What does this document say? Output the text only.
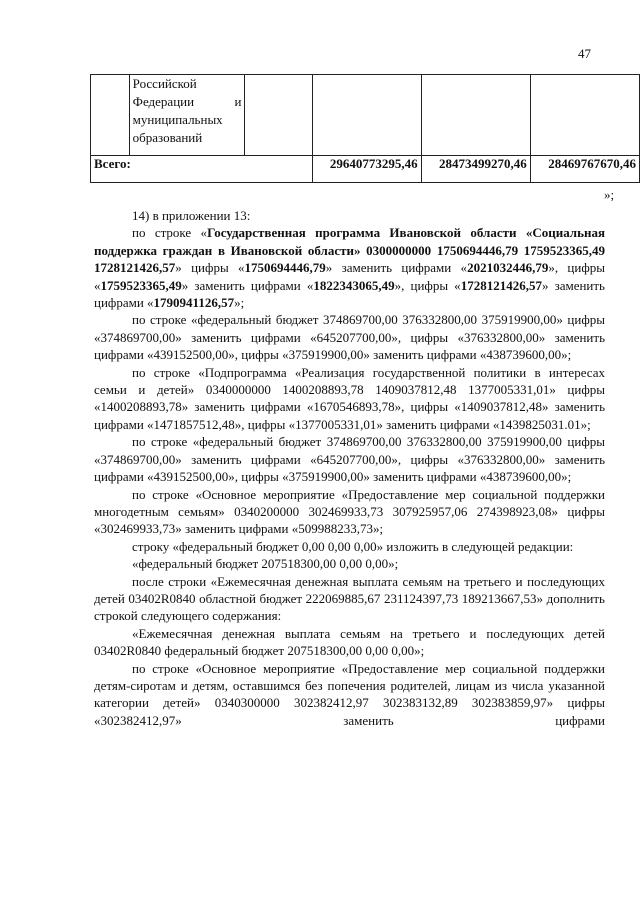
47

	Российской
Федерации и
муниципальных
образований				

Всего:			29640773295,46	28473499270,46	28469767670,46
»;

14) в приложении 13:

по строке «Государственная программа Ивановской области «Социальная поддержка граждан в Ивановской области» 0300000000 1750694446,79 1759523365,49 1728121426,57» цифры «1750694446,79» заменить цифрами «2021032446,79», цифры «1759523365,49» заменить цифрами «1822343065,49», цифры «1728121426,57» заменить цифрами «1790941126,57»;

по строке «федеральный бюджет 374869700,00 376332800,00 375919900,00» цифры «374869700,00» заменить цифрами «645207700,00», цифры «376332800,00» заменить цифрами «439152500,00», цифры «375919900,00» заменить цифрами «438739600,00»;

по строке «Подпрограмма «Реализация государственной политики в интересах семьи и детей» 0340000000 1400208893,78 1409037812,48 1377005331,01» цифры «1400208893,78» заменить цифрами «1670546893,78», цифры «1409037812,48» заменить цифрами «1471857512,48», цифры «1377005331,01» заменить цифрами «1439825031.01»;

по строке «федеральный бюджет 374869700,00 376332800,00 375919900,00 цифры «374869700,00» заменить цифрами «645207700,00», цифры «376332800,00» заменить цифрами «439152500,00», цифры «375919900,00» заменить цифрами «438739600,00»;

по строке «Основное мероприятие «Предоставление мер социальной поддержки многодетным семьям» 0340200000 302469933,73 307925957,06 274398923,08» цифры «302469933,73» заменить цифрами «509988233,73»;

строку «федеральный бюджет 0,00 0,00 0,00» изложить в следующей редакции:

«федеральный бюджет 207518300,00 0,00 0,00»;

после строки «Ежемесячная денежная выплата семьям на третьего и последующих детей 03402R0840 областной бюджет 222069885,67 231124397,73 189213667,53» дополнить строкой следующего содержания:

«Ежемесячная денежная выплата семьям на третьего и последующих детей 03402R0840 федеральный бюджет 207518300,00 0,00 0,00»;

по строке «Основное мероприятие «Предоставление мер социальной поддержки детям-сиротам и детям, оставшимся без попечения родителей, лицам из числа указанной категории детей» 0340300000 302382412,97 302383132,89 302383859,97» цифры «302382412,97» заменить цифрами
